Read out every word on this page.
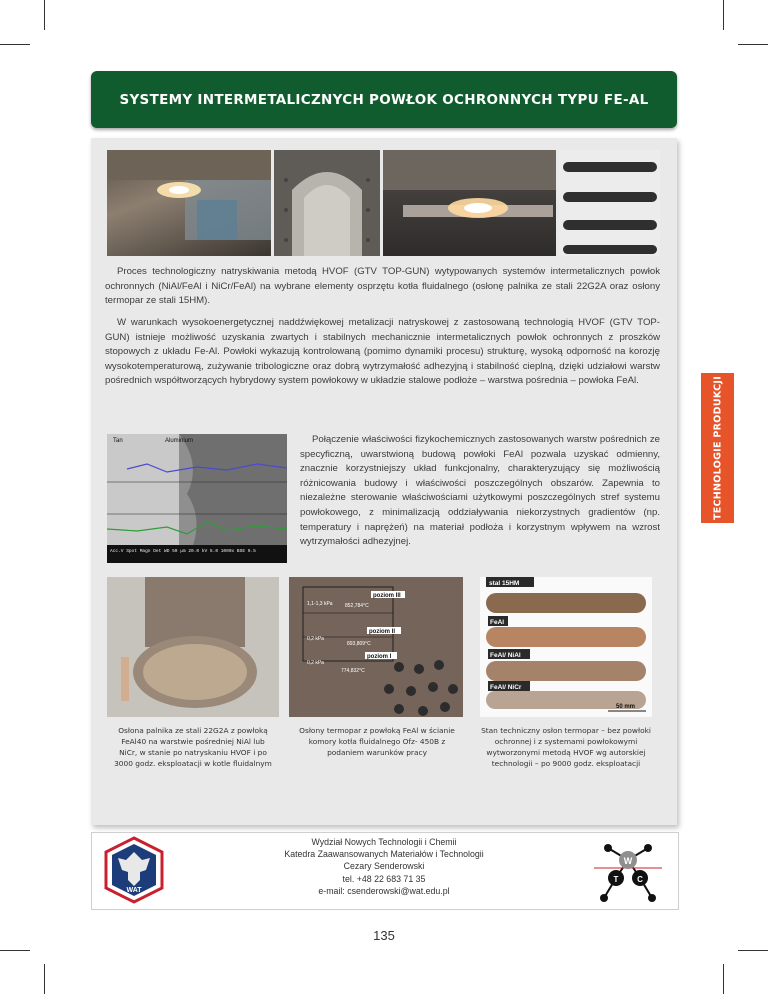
SYSTEMY INTERMETALICZNYCH POWŁOK OCHRONNYCH TYPU FE-AL
TECHNOLOGIE PRODUKCJI

Proces technologiczny natryskiwania metodą HVOF (GTV TOP-GUN) wytypowanych systemów intermetalicznych powłok ochronnych (NiAl/FeAl i NiCr/FeAl) na wybrane elementy osprzętu kotła fluidalnego (osłonę palnika ze stali 22G2A oraz osłony termopar ze stali 15HM).

W warunkach wysokoenergetycznej naddźwiękowej metalizacji natryskowej z zastosowaną technologią HVOF (GTV TOP-GUN) istnieje możliwość uzyskania zwartych i stabilnych mechanicznie intermetalicznych powłok ochronnych z proszków stopowych z układu Fe-Al. Powłoki wykazują kontrolowaną (pomimo dynamiki procesu) strukturę, wysoką odporność na korozję wysokotemperaturową, zużywanie tribologiczne oraz dobrą wytrzymałość adhezyjną i stabilność cieplną, dzięki udziałowi warstw pośrednich współtworzących hybrydowy system powłokowy w układzie stalowe podłoże – warstwa pośrednia – powłoka FeAl.

Tan	Aluminium
Acc.V Spot Magn Det WD 50 μm 20.0 kV 5.0 1000x BSE 9.5

Połączenie właściwości fizykochemicznych zastosowanych warstw pośrednich ze specyficzną, uwarstwioną budową powłoki FeAl pozwala uzyskać odmienny, znacznie korzystniejszy układ funkcjonalny, charakteryzujący się możliwością różnicowania budowy i właściwości poszczególnych obszarów. Zapewnia to niezależne sterowanie właściwościami użytkowymi poszczególnych stref systemu powłokowego, z minimalizacją oddziaływania niekorzystnych gradientów (np. temperatury i naprężeń) na materiał podłoża i korzystnym wpływem na wzrost wytrzymałości adhezyjnej.

poziom III
1,1-1,3 kPa 852,784°C
poziom II
0,2 kPa
893,809°C
poziom I
0,2 kPa
774,832°C
stal 15HM
FeAl
FeAl/ NiAl
FeAl/ NiCr
50 mm

Osłona palnika ze stali 22G2A z powłoką FeAl40 na warstwie pośredniej NiAl lub NiCr, w stanie po natryskaniu HVOF i po 3000 godz. eksploatacji w kotle fluidalnym

Osłony termopar z powłoką FeAl w ścianie komory kotła fluidalnego Ofz- 450B z podaniem warunków pracy

Stan techniczny osłon termopar – bez powłoki ochronnej i z systemami powłokowymi wytworzonymi metodą HVOF wg autorskiej technologii – po 9000 godz. eksploatacji

WAT
Wydział Nowych Technologii i Chemii
Katedra Zaawansowanych Materiałów i Technologii
Cezary Senderowski
tel. +48 22 683 71 35
e-mail: csenderowski@wat.edu.pl
W
T C
135
